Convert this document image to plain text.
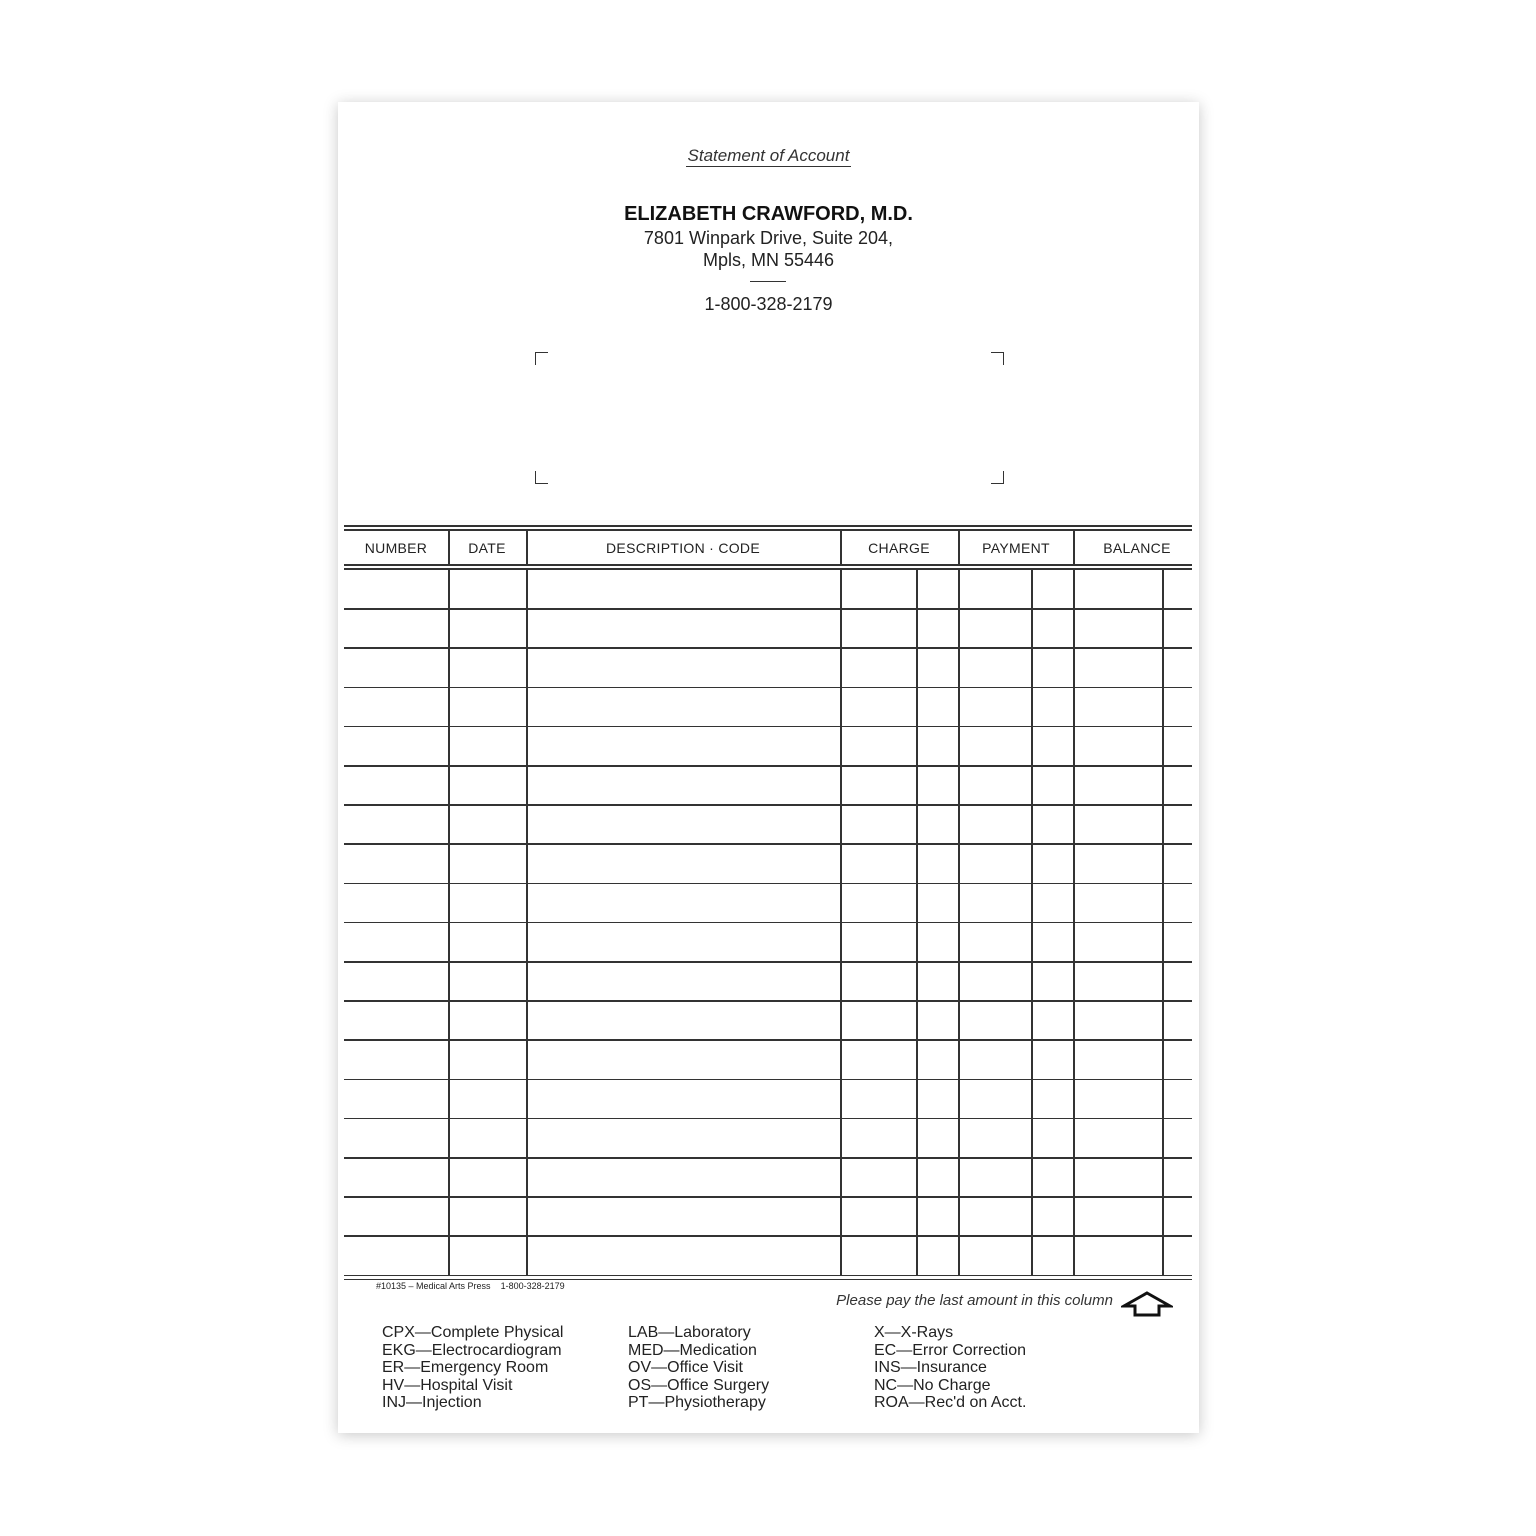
Statement of Account
ELIZABETH CRAWFORD, M.D.
7801 Winpark Drive, Suite 204,
Mpls, MN 55446
1-800-328-2179
NUMBER	DATE	DESCRIPTION · CODE	CHARGE	PAYMENT	BALANCE
#10135 – Medical Arts Press    1-800-328-2179
Please pay the last amount in this column
CPX—Complete Physical
EKG—Electrocardiogram
ER—Emergency Room
HV—Hospital Visit
INJ—Injection
LAB—Laboratory
MED—Medication
OV—Office Visit
OS—Office Surgery
PT—Physiotherapy
X—X-Rays
EC—Error Correction
INS—Insurance
NC—No Charge
ROA—Rec'd on Acct.
